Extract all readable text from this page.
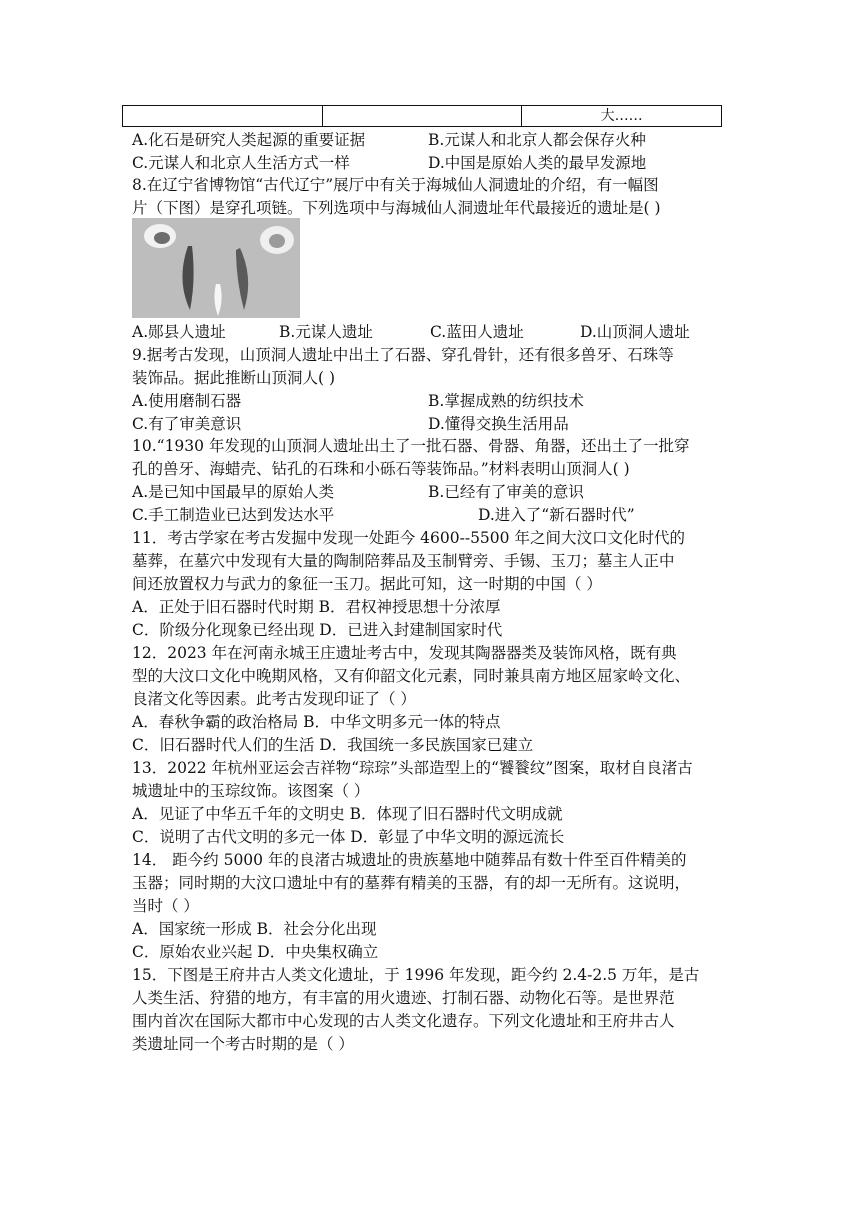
大……
A.化石是研究人类起源的重要证据	B.元谋人和北京人都会保存火种
C.元谋人和北京人生活方式一样	D.中国是原始人类的最早发源地
8.在辽宁省博物馆“古代辽宁”展厅中有关于海城仙人洞遗址的介绍，有一幅图
片（下图）是穿孔项链。下列选项中与海城仙人洞遗址年代最接近的遗址是( )
A.郧县人遗址	B.元谋人遗址	C.蓝田人遗址	D.山顶洞人遗址
9.据考古发现，山顶洞人遗址中出土了石器、穿孔骨针，还有很多兽牙、石珠等
装饰品。据此推断山顶洞人( )
A.使用磨制石器	B.掌握成熟的纺织技术
C.有了审美意识	D.懂得交换生活用品
10.“1930 年发现的山顶洞人遗址出土了一批石器、骨器、角器，还出土了一批穿
孔的兽牙、海蜡壳、钻孔的石珠和小砾石等装饰品。”材料表明山顶洞人( )
A.是已知中国最早的原始人类	B.已经有了审美的意识
C.手工制造业已达到发达水平	D.进入了“新石器时代”
11．考古学家在考古发掘中发现一处距今 4600--5500 年之间大汶口文化时代的
墓葬，在墓穴中发现有大量的陶制陪葬品及玉制臂旁、手锡、玉刀；墓主人正中
间还放置权力与武力的象征一玉刀。据此可知，这一时期的中国（ ）
A．正处于旧石器时代时期 B．君权神授思想十分浓厚
C．阶级分化现象已经出现 D．已进入封建制国家时代
12．2023 年在河南永城王庄遗址考古中，发现其陶器器类及装饰风格，既有典
型的大汶口文化中晚期风格，又有仰韶文化元素，同时兼具南方地区屈家岭文化、
良渚文化等因素。此考古发现印证了（ ）
A．春秋争霸的政治格局 B．中华文明多元一体的特点
C．旧石器时代人们的生活 D．我国统一多民族国家已建立
13．2022 年杭州亚运会吉祥物“琮琮”头部造型上的“饕餮纹”图案，取材自良渚古
城遗址中的玉琮纹饰。该图案（ ）
A．见证了中华五千年的文明史 B．体现了旧石器时代文明成就
C．说明了古代文明的多元一体 D．彰显了中华文明的源远流长
14． 距今约 5000 年的良渚古城遗址的贵族墓地中随葬品有数十件至百件精美的
玉器；同时期的大汶口遗址中有的墓葬有精美的玉器，有的却一无所有。这说明，
当时（ ）
A．国家统一形成 B．社会分化出现
C．原始农业兴起 D．中央集权确立
15．下图是王府井古人类文化遗址，于 1996 年发现，距今约 2.4-2.5 万年，是古
人类生活、狩猎的地方，有丰富的用火遗迹、打制石器、动物化石等。是世界范
围内首次在国际大都市中心发现的古人类文化遗存。下列文化遗址和王府井古人
类遗址同一个考古时期的是（ ）
